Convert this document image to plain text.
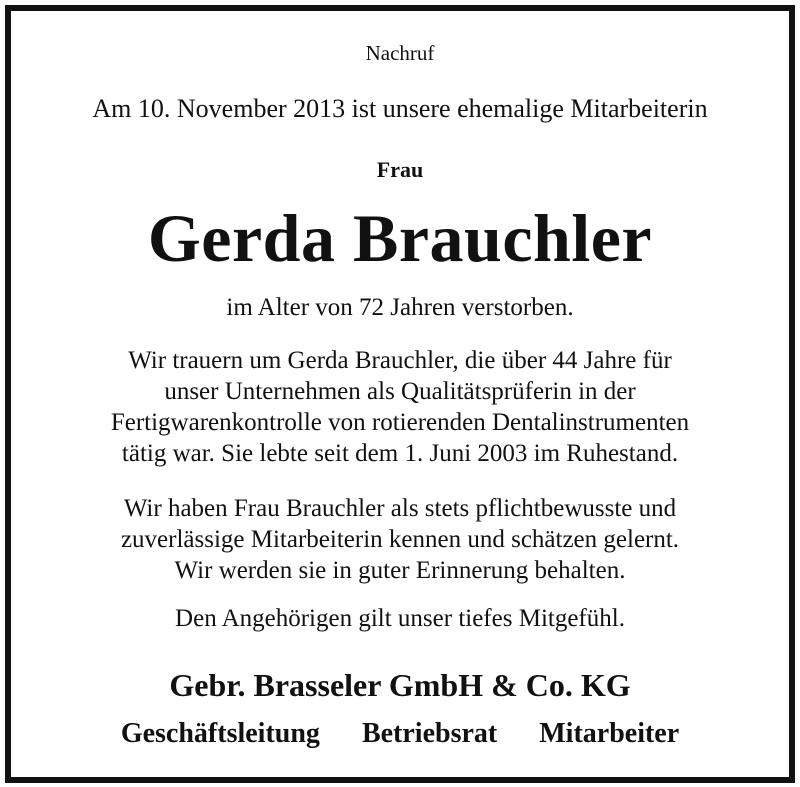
Nachruf
Am 10. November 2013 ist unsere ehemalige Mitarbeiterin
Frau
Gerda Brauchler
im Alter von 72 Jahren verstorben.
Wir trauern um Gerda Brauchler, die über 44 Jahre für
unser Unternehmen als Qualitätsprüferin in der
Fertigwarenkontrolle von rotierenden Dentalinstrumenten
tätig war. Sie lebte seit dem 1. Juni 2003 im Ruhestand.
Wir haben Frau Brauchler als stets pflichtbewusste und
zuverlässige Mitarbeiterin kennen und schätzen gelernt.
Wir werden sie in guter Erinnerung behalten.
Den Angehörigen gilt unser tiefes Mitgefühl.
Gebr. Brasseler GmbH & Co. KG
Geschäftsleitung Betriebsrat Mitarbeiter
